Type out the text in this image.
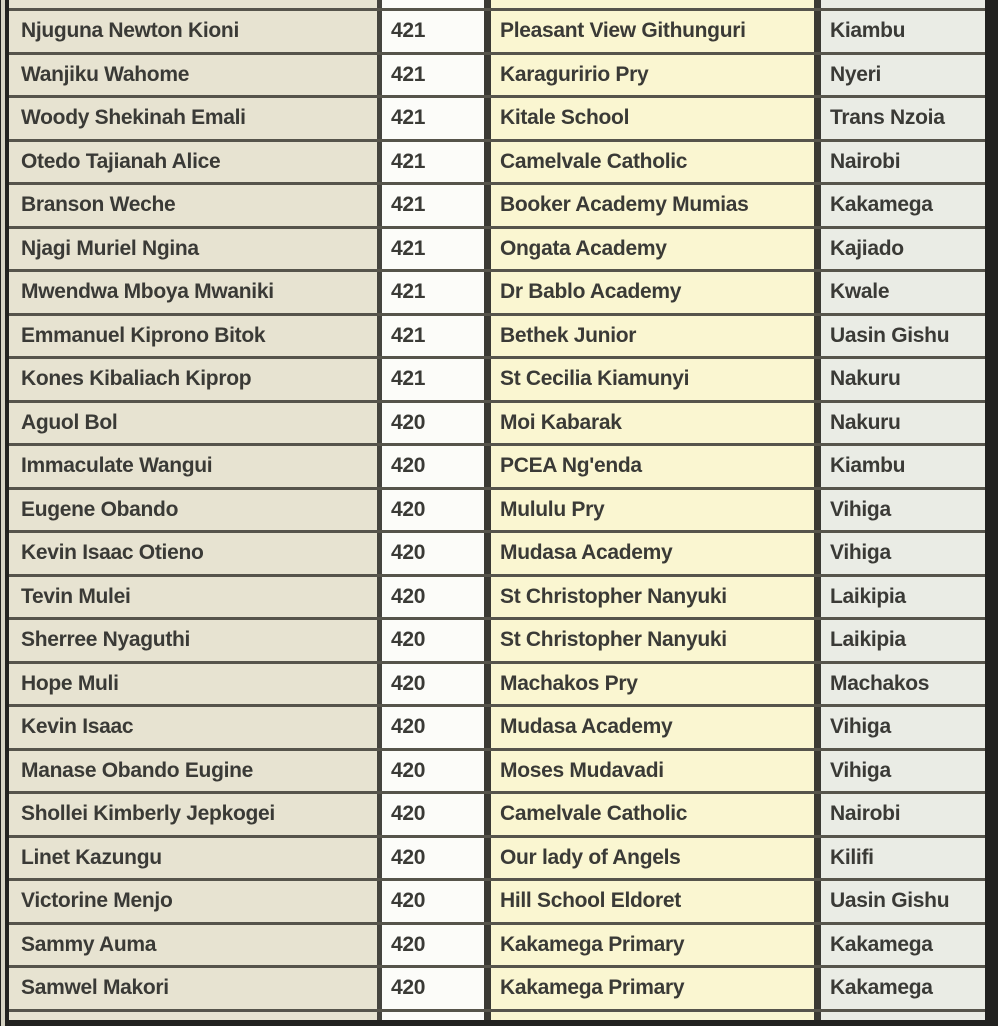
Njuguna Newton Kioni	421	Pleasant View Githunguri	Kiambu
Wanjiku Wahome	421	Karaguririo Pry	Nyeri
Woody Shekinah Emali	421	Kitale School	Trans Nzoia
Otedo Tajianah Alice	421	Camelvale Catholic	Nairobi
Branson Weche	421	Booker Academy Mumias	Kakamega
Njagi Muriel Ngina	421	Ongata Academy	Kajiado
Mwendwa Mboya Mwaniki	421	Dr Bablo Academy	Kwale
Emmanuel Kiprono Bitok	421	Bethek Junior	Uasin Gishu
Kones Kibaliach Kiprop	421	St Cecilia Kiamunyi	Nakuru
Aguol Bol	420	Moi Kabarak	Nakuru
Immaculate Wangui	420	PCEA Ng'enda	Kiambu
Eugene Obando	420	Mululu Pry	Vihiga
Kevin Isaac Otieno	420	Mudasa Academy	Vihiga
Tevin Mulei	420	St Christopher Nanyuki	Laikipia
Sherree Nyaguthi	420	St Christopher Nanyuki	Laikipia
Hope Muli	420	Machakos Pry	Machakos
Kevin Isaac	420	Mudasa Academy	Vihiga
Manase Obando Eugine	420	Moses Mudavadi	Vihiga
Shollei Kimberly Jepkogei	420	Camelvale Catholic	Nairobi
Linet Kazungu	420	Our lady of Angels	Kilifi
Victorine Menjo	420	Hill School Eldoret	Uasin Gishu
Sammy Auma	420	Kakamega Primary	Kakamega
Samwel Makori	420	Kakamega Primary	Kakamega
